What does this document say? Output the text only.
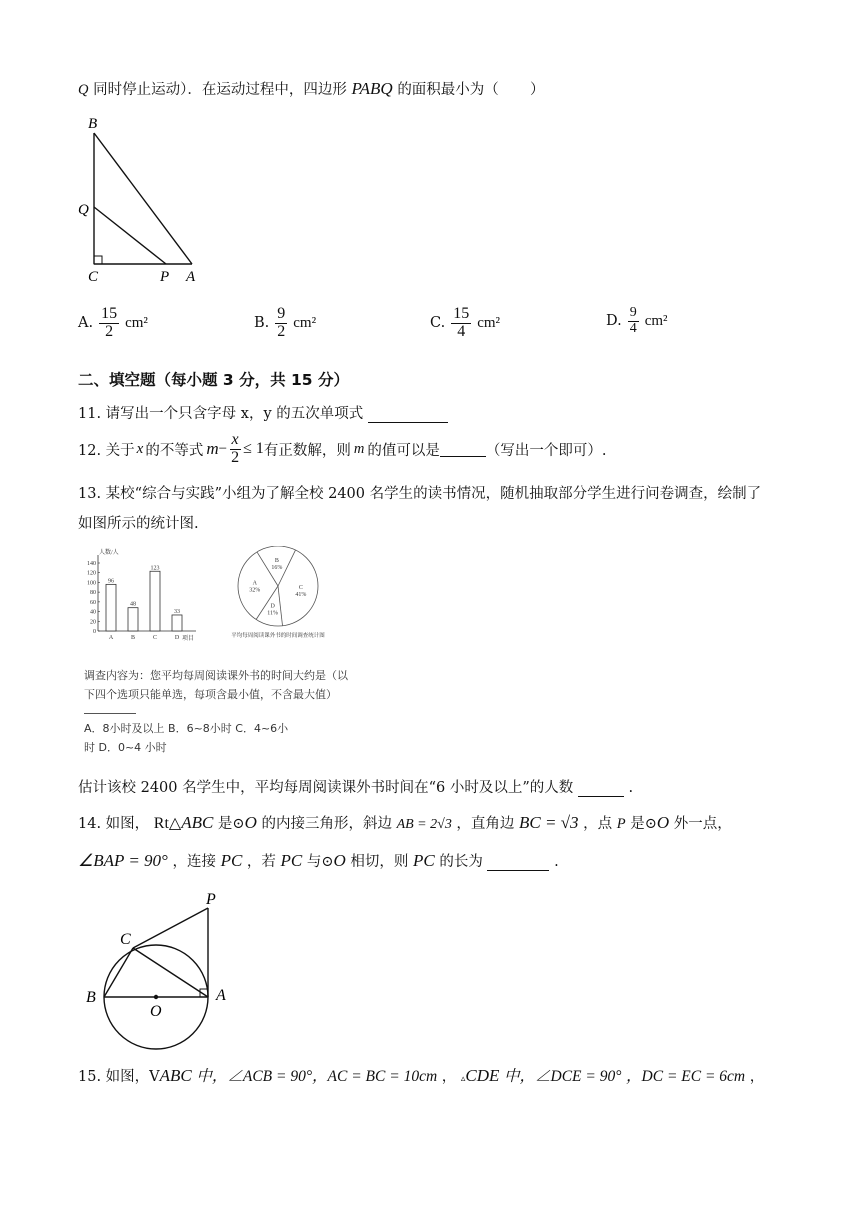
Q 同时停止运动）．在运动过程中，四边形 PABQ 的面积最小为（ ）
B
Q
C	P A
A. $\frac{15}{2} cm^2$	B. $\frac{9}{2} cm^2$	C. $\frac{15}{4} cm^2$	D. $\frac{9}{4} cm^2$
二、填空题（每小题 3 分，共 15 分）
11. 请写出一个只含字母 x，y 的五次单项式
12. 关于 x 的不等式 $m - \frac{x}{2} \le 1$ 有正数解，则 m 的值可以是	（写出一个即可）.
13. 某校“综合与实践”小组为了解全校 2400 名学生的读书情况，随机抽取部分学生进行问卷调查，绘制了
如图所示的统计图.
人数/人
项目
0
20
40
60
80
100
120
140
96
A
48
B
123
C
33
D
B
16%
C
41%
D
11%
A
32%
平均每周阅读课外书的时间调查统计图
调查内容为：您平均每周阅读课外书的时间大约是（以
下四个选项只能单选，每项含最小值，不含最大值）
A．8小时及以上 B．6~8小时 C．4~6小
时 D．0~4 小时
估计该校 2400 名学生中，平均每周阅读课外书时间在“6 小时及以上”的人数	.
14. 如图， Rt△ABC 是⊙O 的内接三角形，斜边 AB = 2√3 ，直角边 BC = √3 ，点 P 是⊙O 外一点，
∠BAP = 90° ，连接 PC ，若 PC 与⊙O 相切，则 PC 的长为	.
P
C
B	A
O
15. 如图，VABC 中，∠ACB = 90°，AC = BC = 10cm ， ▵CDE 中，∠DCE = 90° ，DC = EC = 6cm ，
